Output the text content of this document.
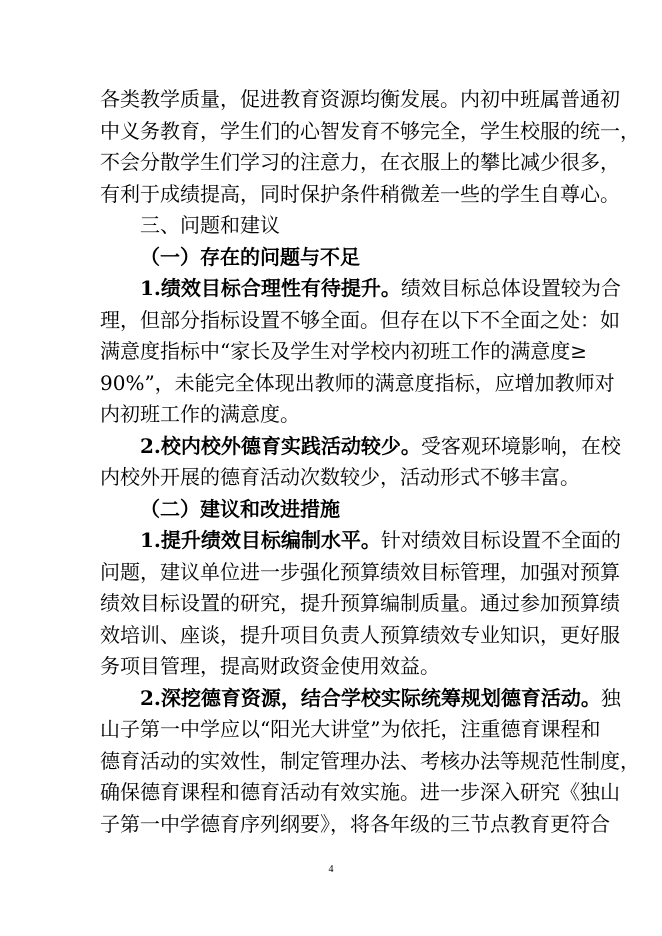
各类教学质量，促进教育资源均衡发展。内初中班属普通初
中义务教育，学生们的心智发育不够完全，学生校服的统一，
不会分散学生们学习的注意力，在衣服上的攀比减少很多，
有利于成绩提高，同时保护条件稍微差一些的学生自尊心。
三、问题和建议
（一）存在的问题与不足
1.绩效目标合理性有待提升。绩效目标总体设置较为合
理，但部分指标设置不够全面。但存在以下不全面之处：如
满意度指标中“家长及学生对学校内初班工作的满意度≥
90%”，未能完全体现出教师的满意度指标，应增加教师对
内初班工作的满意度。
2.校内校外德育实践活动较少。受客观环境影响，在校
内校外开展的德育活动次数较少，活动形式不够丰富。
（二）建议和改进措施
1.提升绩效目标编制水平。针对绩效目标设置不全面的
问题，建议单位进一步强化预算绩效目标管理，加强对预算
绩效目标设置的研究，提升预算编制质量。通过参加预算绩
效培训、座谈，提升项目负责人预算绩效专业知识，更好服
务项目管理，提高财政资金使用效益。
2.深挖德育资源，结合学校实际统筹规划德育活动。独
山子第一中学应以“阳光大讲堂”为依托，注重德育课程和
德育活动的实效性，制定管理办法、考核办法等规范性制度，
确保德育课程和德育活动有效实施。进一步深入研究《独山
子第一中学德育序列纲要》，将各年级的三节点教育更符合
4
